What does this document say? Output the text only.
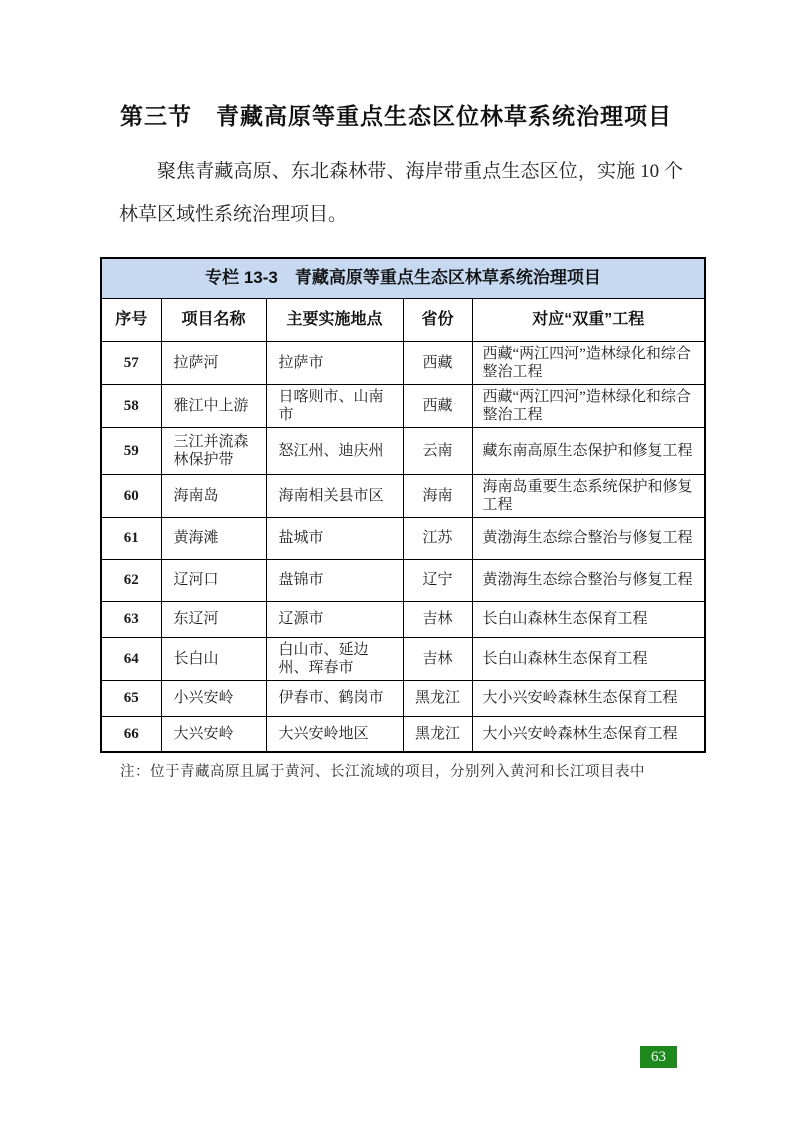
第三节　青藏高原等重点生态区位林草系统治理项目
聚焦青藏高原、东北森林带、海岸带重点生态区位，实施 10 个林草区域性系统治理项目。
专栏 13-3　青藏高原等重点生态区林草系统治理项目				
序号	项目名称	主要实施地点	省份	对应“双重”工程
57	拉萨河	拉萨市	西藏	西藏“两江四河”造林绿化和综合整治工程
58	雅江中上游	日喀则市、山南市	西藏	西藏“两江四河”造林绿化和综合整治工程
59	三江并流森林保护带	怒江州、迪庆州	云南	藏东南高原生态保护和修复工程
60	海南岛	海南相关县市区	海南	海南岛重要生态系统保护和修复工程
61	黄海滩	盐城市	江苏	黄渤海生态综合整治与修复工程
62	辽河口	盘锦市	辽宁	黄渤海生态综合整治与修复工程
63	东辽河	辽源市	吉林	长白山森林生态保育工程
64	长白山	白山市、延边州、珲春市	吉林	长白山森林生态保育工程
65	小兴安岭	伊春市、鹤岗市	黑龙江	大小兴安岭森林生态保育工程
66	大兴安岭	大兴安岭地区	黑龙江	大小兴安岭森林生态保育工程
注：位于青藏高原且属于黄河、长江流域的项目，分别列入黄河和长江项目表中
63
